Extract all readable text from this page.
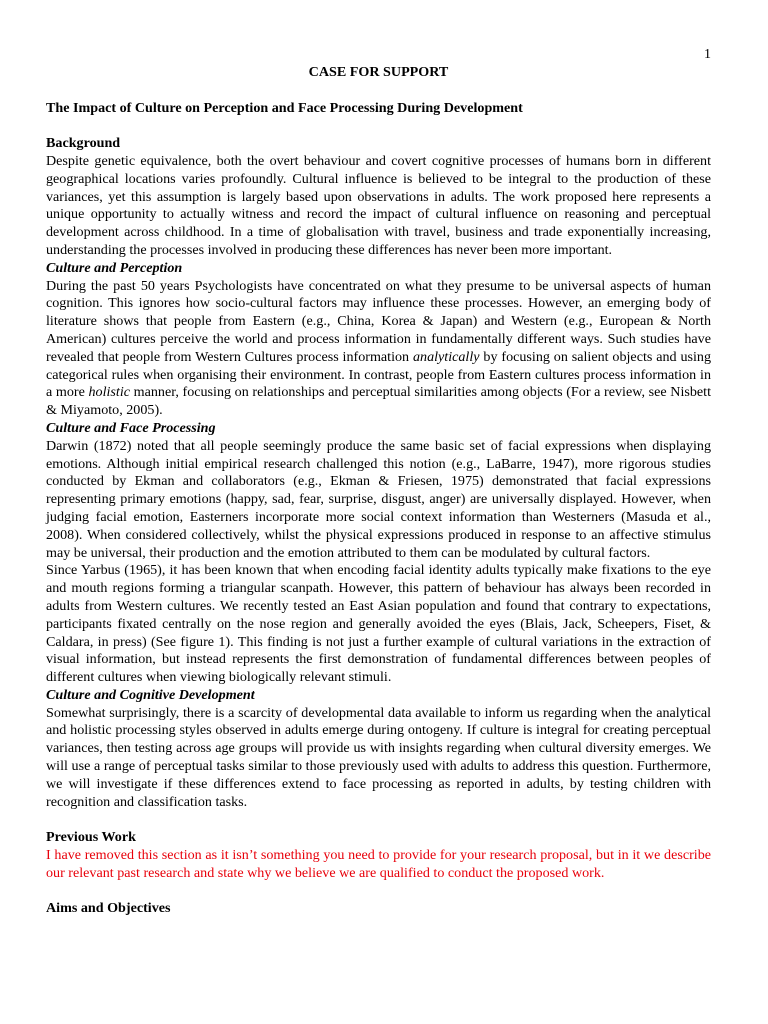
1

CASE FOR SUPPORT

The Impact of Culture on Perception and Face Processing During Development

Background

Despite genetic equivalence, both the overt behaviour and covert cognitive processes of humans born in different geographical locations varies profoundly. Cultural influence is believed to be integral to the production of these variances, yet this assumption is largely based upon observations in adults. The work proposed here represents a unique opportunity to actually witness and record the impact of cultural influence on reasoning and perceptual development across childhood. In a time of globalisation with travel, business and trade exponentially increasing, understanding the processes involved in producing these differences has never been more important.

Culture and Perception

During the past 50 years Psychologists have concentrated on what they presume to be universal aspects of human cognition. This ignores how socio-cultural factors may influence these processes. However, an emerging body of literature shows that people from Eastern (e.g., China, Korea & Japan) and Western (e.g., European & North American) cultures perceive the world and process information in fundamentally different ways. Such studies have revealed that people from Western Cultures process information analytically by focusing on salient objects and using categorical rules when organising their environment. In contrast, people from Eastern cultures process information in a more holistic manner, focusing on relationships and perceptual similarities among objects (For a review, see Nisbett & Miyamoto, 2005).

Culture and Face Processing

Darwin (1872) noted that all people seemingly produce the same basic set of facial expressions when displaying emotions. Although initial empirical research challenged this notion (e.g., LaBarre, 1947), more rigorous studies conducted by Ekman and collaborators (e.g., Ekman & Friesen, 1975) demonstrated that facial expressions representing primary emotions (happy, sad, fear, surprise, disgust, anger) are universally displayed. However, when judging facial emotion, Easterners incorporate more social context information than Westerners (Masuda et al., 2008). When considered collectively, whilst the physical expressions produced in response to an affective stimulus may be universal, their production and the emotion attributed to them can be modulated by cultural factors.

Since Yarbus (1965), it has been known that when encoding facial identity adults typically make fixations to the eye and mouth regions forming a triangular scanpath. However, this pattern of behaviour has always been recorded in adults from Western cultures. We recently tested an East Asian population and found that contrary to expectations, participants fixated centrally on the nose region and generally avoided the eyes (Blais, Jack, Scheepers, Fiset, & Caldara, in press) (See figure 1). This finding is not just a further example of cultural variations in the extraction of visual information, but instead represents the first demonstration of fundamental differences between peoples of different cultures when viewing biologically relevant stimuli.

Culture and Cognitive Development

Somewhat surprisingly, there is a scarcity of developmental data available to inform us regarding when the analytical and holistic processing styles observed in adults emerge during ontogeny. If culture is integral for creating perceptual variances, then testing across age groups will provide us with insights regarding when cultural diversity emerges. We will use a range of perceptual tasks similar to those previously used with adults to address this question. Furthermore, we will investigate if these differences extend to face processing as reported in adults, by testing children with recognition and classification tasks.

Previous Work

I have removed this section as it isn’t something you need to provide for your research proposal, but in it we describe our relevant past research and state why we believe we are qualified to conduct the proposed work.

Aims and Objectives
